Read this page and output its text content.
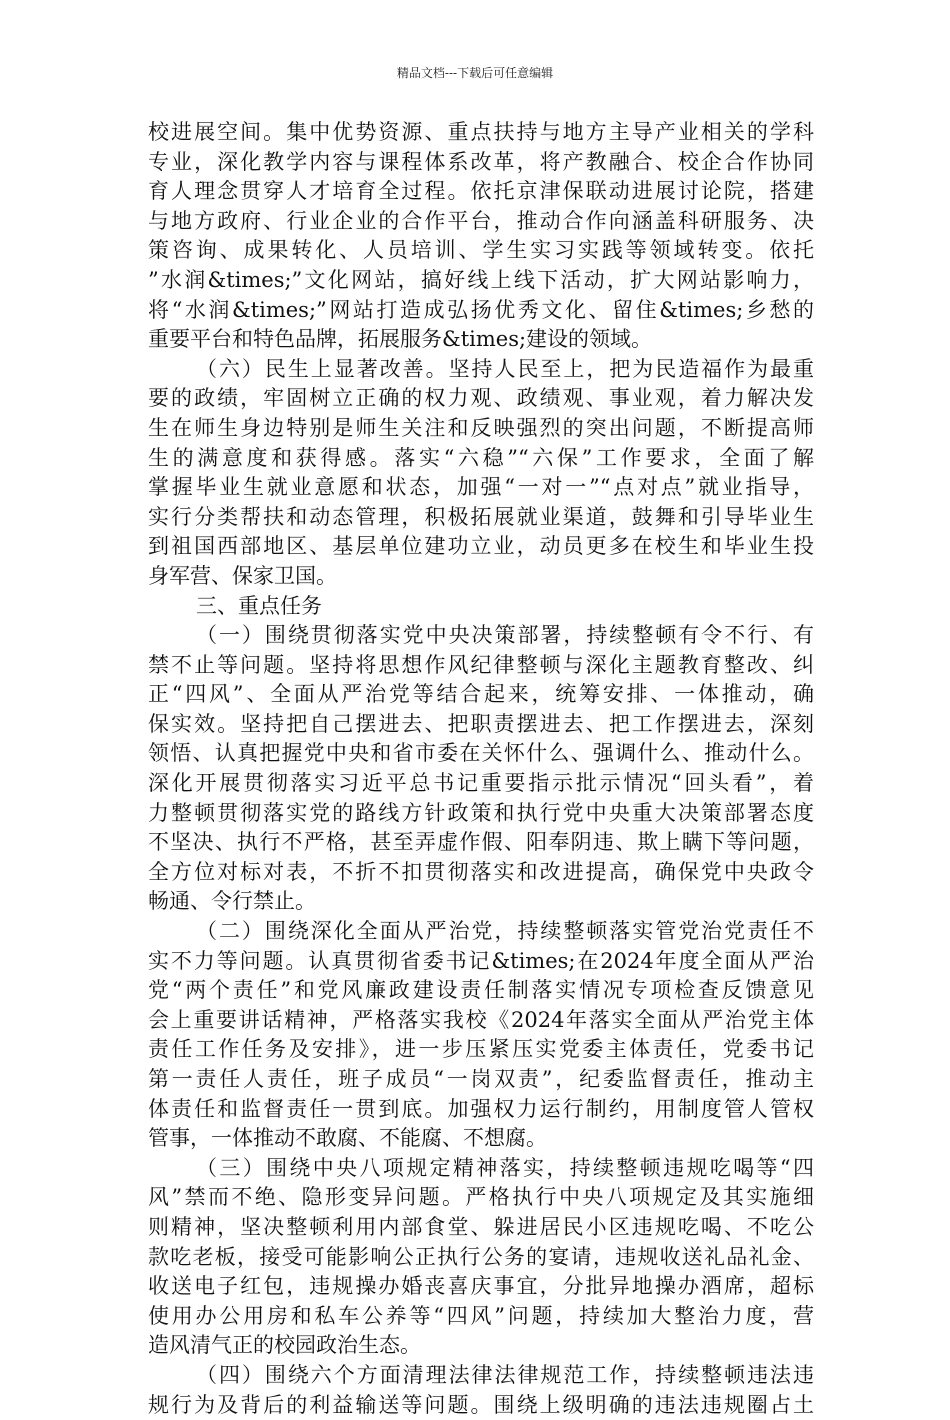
精品文档---下载后可任意编辑
校进展空间。集中优势资源、重点扶持与地方主导产业相关的学科
专业，深化教学内容与课程体系改革，将产教融合、校企合作协同
育人理念贯穿人才培育全过程。依托京津保联动进展讨论院，搭建
与地方政府、行业企业的合作平台，推动合作向涵盖科研服务、决
策咨询、成果转化、人员培训、学生实习实践等领域转变。依托
”水润&times;”文化网站，搞好线上线下活动，扩大网站影响力，
将“水润&times;”网站打造成弘扬优秀文化、留住&times;乡愁的
重要平台和特色品牌，拓展服务&times;建设的领域。
（六）民生上显著改善。坚持人民至上，把为民造福作为最重
要的政绩，牢固树立正确的权力观、政绩观、事业观，着力解决发
生在师生身边特别是师生关注和反映强烈的突出问题，不断提高师
生的满意度和获得感。落实“六稳”“六保”工作要求，全面了解
掌握毕业生就业意愿和状态，加强“一对一”“点对点”就业指导，
实行分类帮扶和动态管理，积极拓展就业渠道，鼓舞和引导毕业生
到祖国西部地区、基层单位建功立业，动员更多在校生和毕业生投
身军营、保家卫国。
三、重点任务
（一）围绕贯彻落实党中央决策部署，持续整顿有令不行、有
禁不止等问题。坚持将思想作风纪律整顿与深化主题教育整改、纠
正“四风”、全面从严治党等结合起来，统筹安排、一体推动，确
保实效。坚持把自己摆进去、把职责摆进去、把工作摆进去，深刻
领悟、认真把握党中央和省市委在关怀什么、强调什么、推动什么。
深化开展贯彻落实习近平总书记重要指示批示情况“回头看”，着
力整顿贯彻落实党的路线方针政策和执行党中央重大决策部署态度
不坚决、执行不严格，甚至弄虚作假、阳奉阴违、欺上瞒下等问题，
全方位对标对表，不折不扣贯彻落实和改进提高，确保党中央政令
畅通、令行禁止。
（二）围绕深化全面从严治党，持续整顿落实管党治党责任不
实不力等问题。认真贯彻省委书记&times;在2024年度全面从严治
党“两个责任”和党风廉政建设责任制落实情况专项检查反馈意见
会上重要讲话精神，严格落实我校《2024年落实全面从严治党主体
责任工作任务及安排》，进一步压紧压实党委主体责任，党委书记
第一责任人责任，班子成员“一岗双责”，纪委监督责任，推动主
体责任和监督责任一贯到底。加强权力运行制约，用制度管人管权
管事，一体推动不敢腐、不能腐、不想腐。
（三）围绕中央八项规定精神落实，持续整顿违规吃喝等“四
风”禁而不绝、隐形变异问题。严格执行中央八项规定及其实施细
则精神，坚决整顿利用内部食堂、躲进居民小区违规吃喝、不吃公
款吃老板，接受可能影响公正执行公务的宴请，违规收送礼品礼金、
收送电子红包，违规操办婚丧喜庆事宜，分批异地操办酒席，超标
使用办公用房和私车公养等“四风”问题，持续加大整治力度，营
造风清气正的校园政治生态。
（四）围绕六个方面清理法律法律规范工作，持续整顿违法违
规行为及背后的利益输送等问题。围绕上级明确的违法违规圈占土
